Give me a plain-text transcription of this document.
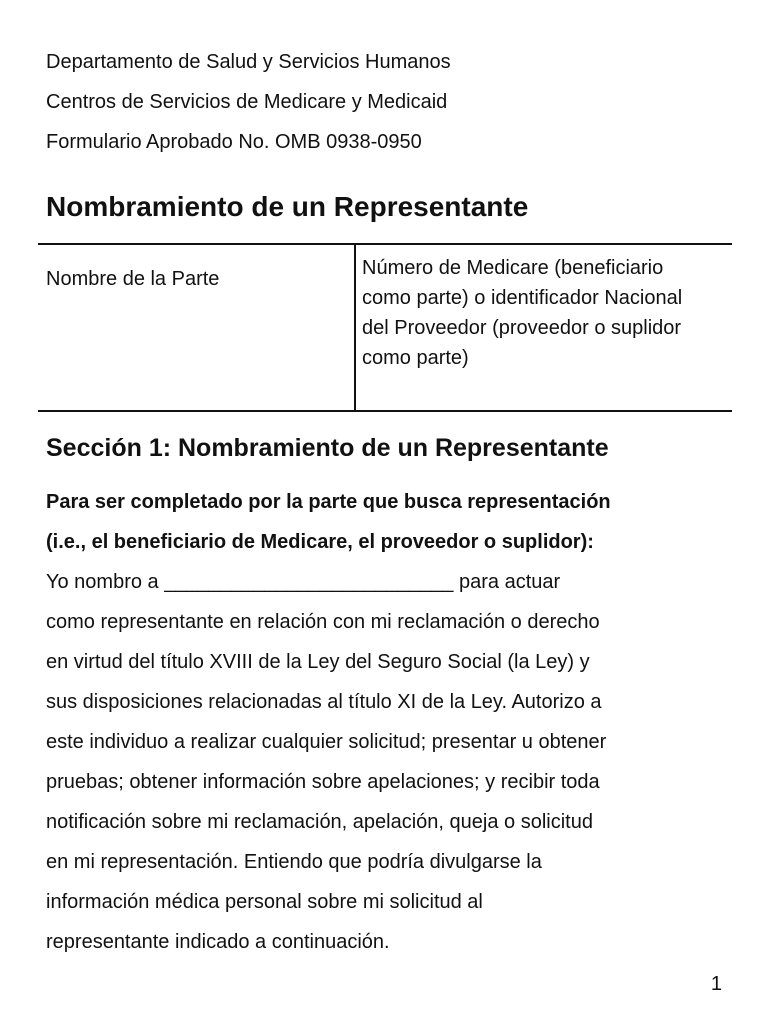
Departamento de Salud y Servicios Humanos
Centros de Servicios de Medicare y Medicaid
Formulario Aprobado No. OMB 0938-0950
Nombramiento de un Representante
Nombre de la Parte	Número de Medicare (beneficiario
como parte) o identificador Nacional
del Proveedor (proveedor o suplidor
como parte)
Sección 1: Nombramiento de un Representante
Para ser completado por la parte que busca representación
(i.e., el beneficiario de Medicare, el proveedor o suplidor):
Yo nombro a __________________________ para actuar
como representante en relación con mi reclamación o derecho
en virtud del título XVIII de la Ley del Seguro Social (la Ley) y
sus disposiciones relacionadas al título XI de la Ley. Autorizo a
este individuo a realizar cualquier solicitud; presentar u obtener
pruebas; obtener información sobre apelaciones; y recibir toda
notificación sobre mi reclamación, apelación, queja o solicitud
en mi representación. Entiendo que podría divulgarse la
información médica personal sobre mi solicitud al
representante indicado a continuación.
1
